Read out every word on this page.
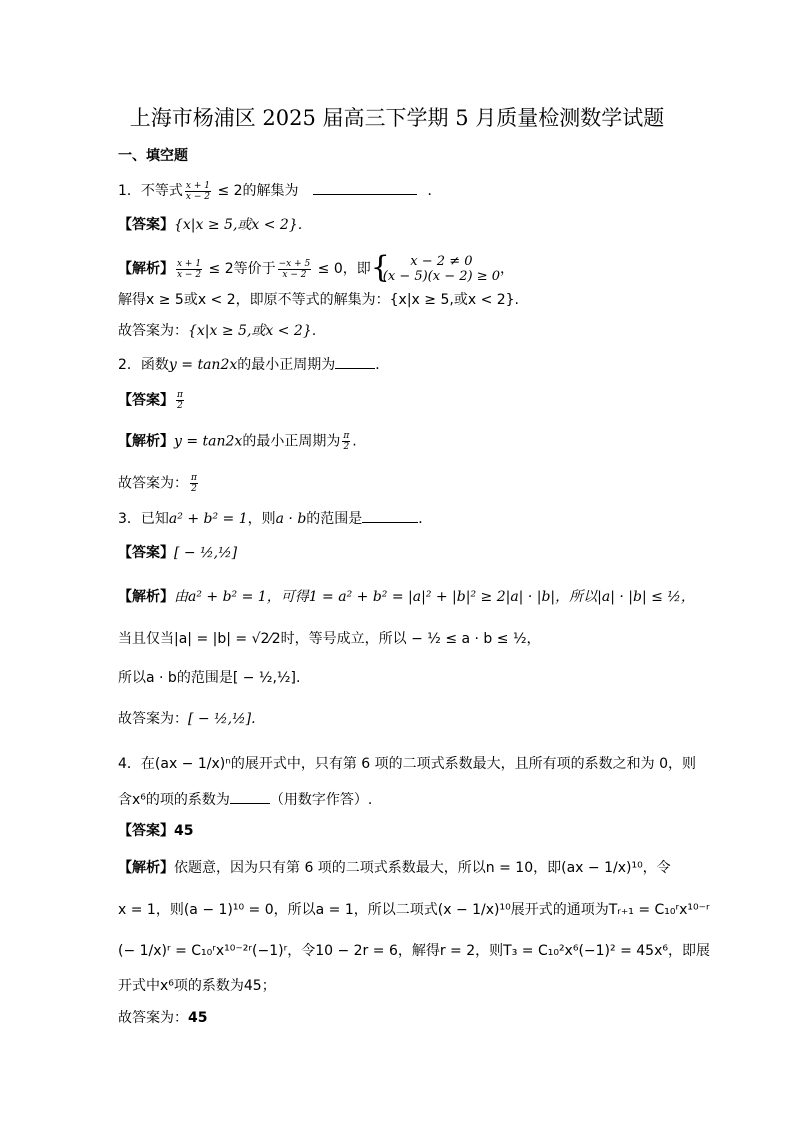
上海市杨浦区 2025 届高三下学期 5 月质量检测数学试题
一、填空题
1．不等式 $\frac{x + 1}{x - 2} \le 2$的解集为	．
【答案】{x|x ≥ 5,或x < 2}.
【解析】 $\frac{x + 1}{x - 2} \le 2$等价于 $\frac{-x + 5}{x - 2} \le 0$，即 {	x − 2 ≠ 0
(x − 5)(x − 2) ≥ 0 ，
解得x ≥ 5或x < 2，即原不等式的解集为：{x|x ≥ 5,或x < 2}.
故答案为：{x|x ≥ 5,或x < 2}.
2．函数y = tan2x的最小正周期为	．
【答案】 $\frac{\pi}{2}$
【解析】y = tan2x的最小正周期为 $\frac{\pi}{2}$ .
故答案为： $\frac{\pi}{2}$
3．已知a² + b² = 1，则a · b的范围是	．
【答案】[ − ½,½]
【解析】由a² + b² = 1，可得1 = a² + b² = |a|² + |b|² ≥ 2|a| · |b|，所以|a| · |b| ≤ ½，
当且仅当|a| = |b| = √2⁄2时，等号成立，所以 − ½ ≤ a · b ≤ ½，
所以a · b的范围是[ − ½,½].
故答案为：[ − ½,½].
4．在(ax − 1/x)ⁿ的展开式中，只有第 6 项的二项式系数最大，且所有项的系数之和为 0，则
含x⁶的项的系数为	（用数字作答）.
【答案】45
【解析】依题意，因为只有第 6 项的二项式系数最大，所以n = 10，即(ax − 1/x)¹⁰，令
x = 1，则(a − 1)¹⁰ = 0，所以a = 1，所以二项式(x − 1/x)¹⁰展开式的通项为Tᵣ₊₁ = C₁₀ʳx¹⁰⁻ʳ
(− 1/x)ʳ = C₁₀ʳx¹⁰⁻²ʳ(−1)ʳ，令10 − 2r = 6，解得r = 2，则T₃ = C₁₀²x⁶(−1)² = 45x⁶，即展
开式中x⁶项的系数为45；
故答案为：45
